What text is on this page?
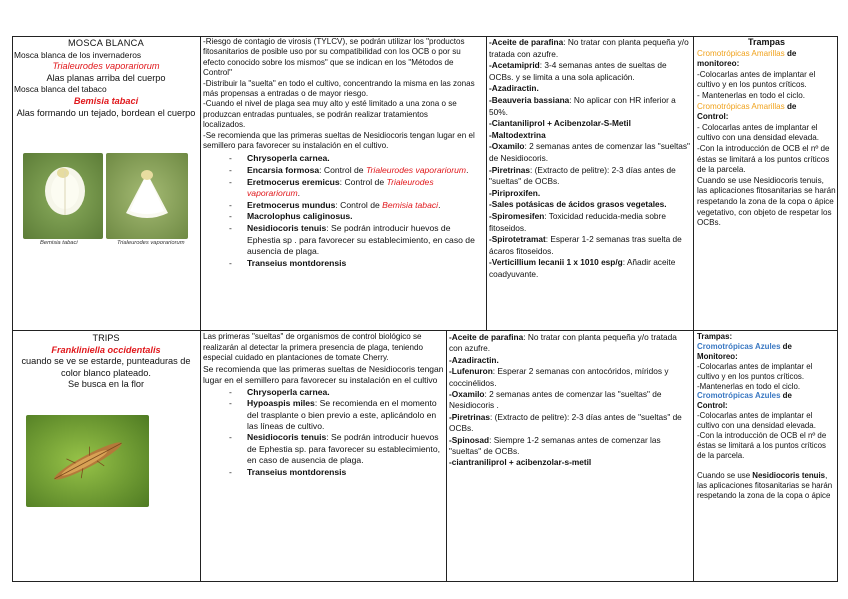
MOSCA BLANCA
Mosca blanca de los invernaderos
Trialeurodes vaporariorum
Alas planas arriba del cuerpo
Mosca blanca del tabaco
Bemisia tabaci
Alas formando un tejado, bordean el cuerpo
Bemisia tabaci	Trialeurodes vaporariorum

-Riesgo de contagio de virosis (TYLCV), se podrán utilizar los "productos fitosanitarios de posible uso por su compatibilidad con los OCB o por su efecto conocido sobre los mismos" que se indican en los "Métodos de Control"

-Distribuir la "suelta" en todo el cultivo, concentrando la misma en las zonas más propensas a entradas o de mayor riesgo.

-Cuando el nivel de plaga sea muy alto y esté limitado a una zona o se produzcan entradas puntuales, se podrán realizar tratamientos

localizados.

-Se recomienda que las primeras sueltas de Nesidiocoris tengan lugar en el semillero para favorecer su instalación en el cultivo.

- Chrysoperla carnea.
- Encarsia formosa: Control de Trialeurodes vaporariorum.
- Eretmocerus eremicus: Control de Trialeurodes vaporariorum.
- Eretmocerus mundus: Control de Bemisia tabaci.
- Macrolophus caliginosus.
- Nesidiocoris tenuis: Se podrán introducir huevos de Ephestia sp . para favorecer su establecimiento, en caso de ausencia de plaga.
- Transeius montdorensis
-Aceite de parafina: No tratar con planta pequeña y/o tratada con azufre.
-Acetamiprid: 3-4 semanas antes de sueltas de OCBs. y se limita a una sola aplicación.
-Azadiractin.
-Beauveria bassiana: No aplicar con HR inferior a 50%.
-Ciantaniliprol + Acibenzolar-S-Metil
-Maltodextrina
-Oxamilo: 2 semanas antes de comenzar las "sueltas" de Nesidiocoris.
-Piretrinas: (Extracto de pelitre): 2-3 días antes de "sueltas" de OCBs.
-Piriproxifen.
-Sales potásicas de ácidos grasos vegetales.
-Spiromesifen: Toxicidad reducida-media sobre fitoseidos.
-Spirotetramat: Esperar 1-2 semanas tras suelta de ácaros fitoseidos.
-Verticillium lecanii 1 x 1010 esp/g: Añadir aceite coadyuvante.
Trampas
Cromotrópicas Amarillas de
monitoreo:
-Colocarlas antes de implantar el cultivo y en los puntos críticos.
- Mantenerlas en todo el ciclo.
Cromotrópicas Amarillas de
Control:
- Colocarlas antes de implantar el cultivo con una densidad elevada.
-Con la introducción de OCB el nº de éstas se limitará a los puntos críticos de la parcela.
Cuando se use Nesidiocoris tenuis, las aplicaciones fitosanitarias se harán respetando la zona de la copa o ápice vegetativo, con objeto de respetar los OCBs.
TRIPS
Frankliniella occidentalis
cuando se ve se estarde, punteaduras de color blanco plateado.
Se busca en la flor

Las primeras "sueltas" de organismos de control biológico se realizarán al detectar la primera presencia de plaga, teniendo especial cuidado en plantaciones de tomate Cherry.

Se recomienda que las primeras sueltas de Nesidiocoris tengan lugar en el semillero para favorecer su instalación en el cultivo

- Chrysoperla carnea.
- Hypoaspis miles: Se recomienda en el momento del trasplante o bien previo a este, aplicándolo en las líneas de cultivo.
- Nesidiocoris tenuis: Se podrán introducir huevos de Ephestia sp. para favorecer su establecimiento, en caso de ausencia de plaga.
- Transeius montdorensis
-Aceite de parafina: No tratar con planta pequeña y/o tratada con azufre.
-Azadiractin.
-Lufenuron: Esperar 2 semanas con antocóridos, míridos y coccinélidos.
-Oxamilo: 2 semanas antes de comenzar las "sueltas" de Nesidiocoris .
-Piretrinas: (Extracto de pelitre): 2-3 días antes de "sueltas" de OCBs.
-Spinosad: Siempre 1-2 semanas antes de comenzar las "sueltas" de OCBs.
-ciantraniliprol + acibenzolar-s-metil
Trampas:
Cromotrópicas Azules de
Monitoreo:
-Colocarlas antes de implantar el cultivo y en los puntos críticos.
-Mantenerlas en todo el ciclo.
Cromotrópicas Azules de
Control:
-Colocarlas antes de implantar el cultivo con una densidad elevada.
-Con la introducción de OCB el nº de éstas se limitará a los puntos críticos de la parcela.
Cuando se use Nesidiocoris tenuis, las aplicaciones fitosanitarias se harán respetando la zona de la copa o ápice
